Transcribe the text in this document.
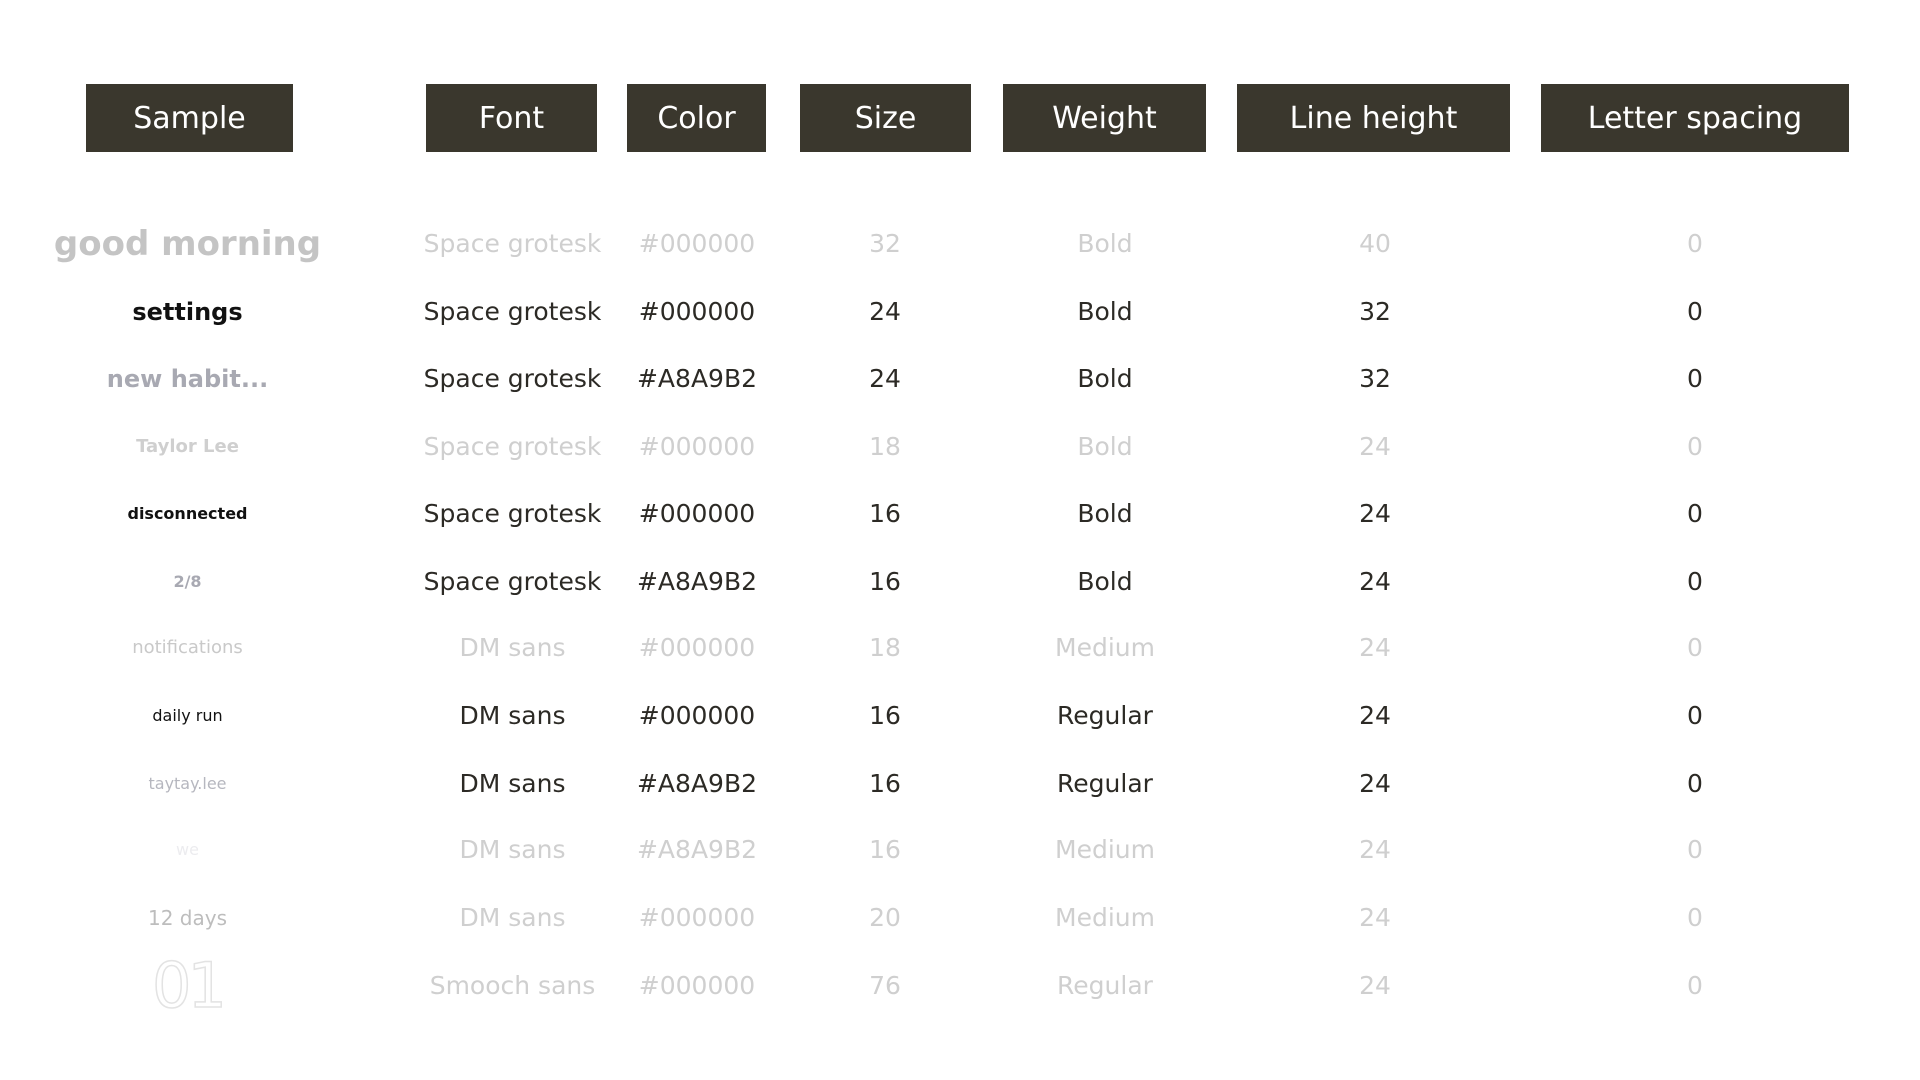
Sample	Font	Color	Size	Weight	Line height	Letter spacing
good morning	Space grotesk	#000000	32	Bold	40	0
settings	Space grotesk	#000000	24	Bold	32	0
new habit...	Space grotesk	#A8A9B2	24	Bold	32	0
Taylor Lee	Space grotesk	#000000	18	Bold	24	0
disconnected	Space grotesk	#000000	16	Bold	24	0
2/8	Space grotesk	#A8A9B2	16	Bold	24	0
notifications	DM sans	#000000	18	Medium	24	0
daily run	DM sans	#000000	16	Regular	24	0
taytay.lee	DM sans	#A8A9B2	16	Regular	24	0
we	DM sans	#A8A9B2	16	Medium	24	0
12 days	DM sans	#000000	20	Medium	24	0
01	Smooch sans	#000000	76	Regular	24	0
